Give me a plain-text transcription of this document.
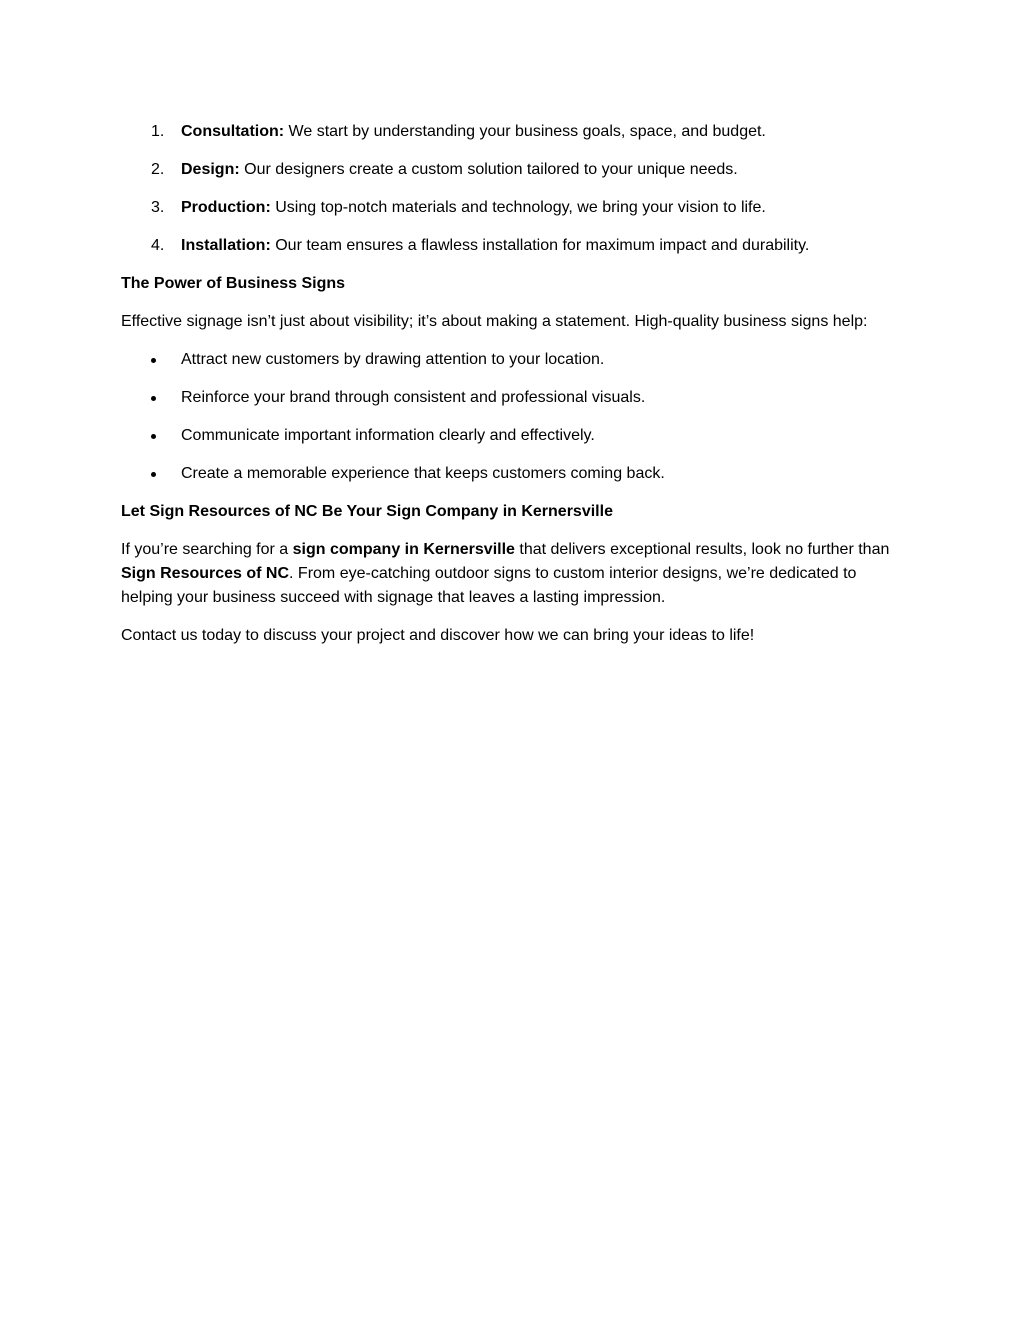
1. Consultation: We start by understanding your business goals, space, and budget.
2. Design: Our designers create a custom solution tailored to your unique needs.
3. Production: Using top-notch materials and technology, we bring your vision to life.
4. Installation: Our team ensures a flawless installation for maximum impact and durability.
The Power of Business Signs
Effective signage isn’t just about visibility; it’s about making a statement. High-quality business signs help:
Attract new customers by drawing attention to your location.
Reinforce your brand through consistent and professional visuals.
Communicate important information clearly and effectively.
Create a memorable experience that keeps customers coming back.
Let Sign Resources of NC Be Your Sign Company in Kernersville
If you’re searching for a sign company in Kernersville that delivers exceptional results, look no further than Sign Resources of NC. From eye-catching outdoor signs to custom interior designs, we’re dedicated to helping your business succeed with signage that leaves a lasting impression.
Contact us today to discuss your project and discover how we can bring your ideas to life!
